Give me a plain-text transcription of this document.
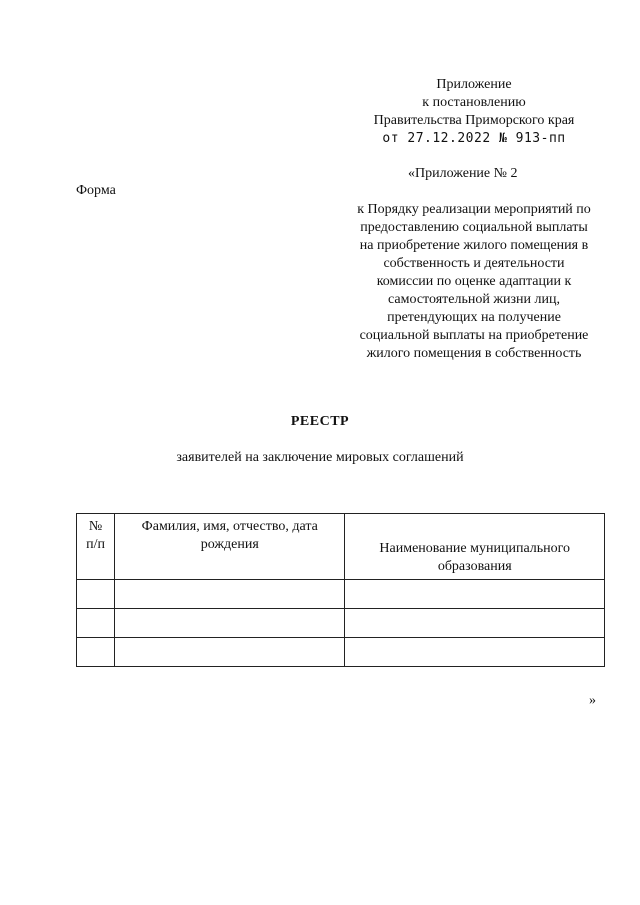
Приложение
к постановлению
Правительства Приморского края
от 27.12.2022 № 913-пп
«Приложение № 2
Форма
к Порядку реализации мероприятий по
предоставлению социальной выплаты
на приобретение жилого помещения в
собственность и деятельности
комиссии по оценке адаптации к
самостоятельной жизни лиц,
претендующих на получение
социальной выплаты на приобретение
жилого помещения в собственность
РЕЕСТР
заявителей на заключение мировых соглашений
№
п/п	Фамилия, имя, отчество, дата рождения	Наименование муниципального образования

»
